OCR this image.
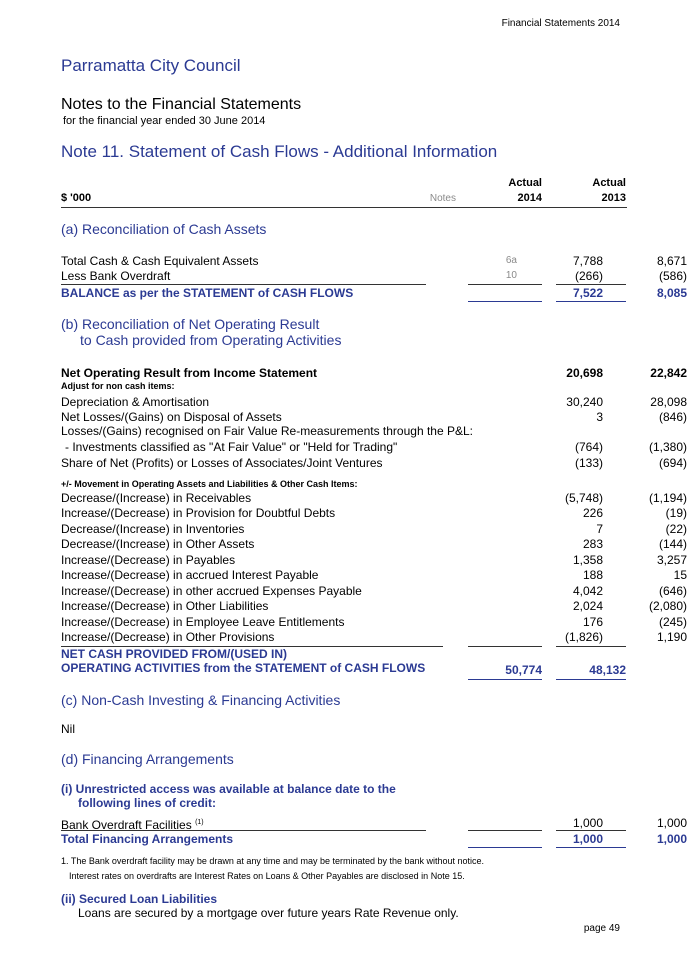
Financial Statements 2014
Parramatta City Council
Notes to the Financial Statements
for the financial year ended 30 June 2014
Note 11. Statement of Cash Flows - Additional Information
Actual	Actual
$ '000	Notes	2014	2013
(a) Reconciliation of Cash Assets
Total Cash & Cash Equivalent Assets	6a	7,788	8,671
Less Bank Overdraft	10	(266)	(586)
BALANCE as per the STATEMENT of CASH FLOWS	7,522	8,085
(b) Reconciliation of Net Operating Result
to Cash provided from Operating Activities
Net Operating Result from Income Statement	20,698	22,842
Adjust for non cash items:
Depreciation & Amortisation	30,240	28,098
Net Losses/(Gains) on Disposal of Assets	3	(846)
Losses/(Gains) recognised on Fair Value Re-measurements through the P&L:
- Investments classified as "At Fair Value" or "Held for Trading"	(764)	(1,380)
Share of Net (Profits) or Losses of Associates/Joint Ventures	(133)	(694)
+/- Movement in Operating Assets and Liabilities & Other Cash Items:
Decrease/(Increase) in Receivables	(5,748)	(1,194)
Increase/(Decrease) in Provision for Doubtful Debts	226	(19)
Decrease/(Increase) in Inventories	7	(22)
Decrease/(Increase) in Other Assets	283	(144)
Increase/(Decrease) in Payables	1,358	3,257
Increase/(Decrease) in accrued Interest Payable	188	15
Increase/(Decrease) in other accrued Expenses Payable	4,042	(646)
Increase/(Decrease) in Other Liabilities	2,024	(2,080)
Increase/(Decrease) in Employee Leave Entitlements	176	(245)
Increase/(Decrease) in Other Provisions	(1,826)	1,190
NET CASH PROVIDED FROM/(USED IN)
OPERATING ACTIVITIES from the STATEMENT of CASH FLOWS	50,774	48,132
(c) Non-Cash Investing & Financing Activities
Nil
(d) Financing Arrangements
(i) Unrestricted access was available at balance date to the
following lines of credit:
Bank Overdraft Facilities $^{(1)}$	1,000	1,000
Total Financing Arrangements	1,000	1,000
1. The Bank overdraft facility may be drawn at any time and may be terminated by the bank without notice.
Interest rates on overdrafts are Interest Rates on Loans & Other Payables are disclosed in Note 15.
(ii) Secured Loan Liabilities
Loans are secured by a mortgage over future years Rate Revenue only.
page 49
